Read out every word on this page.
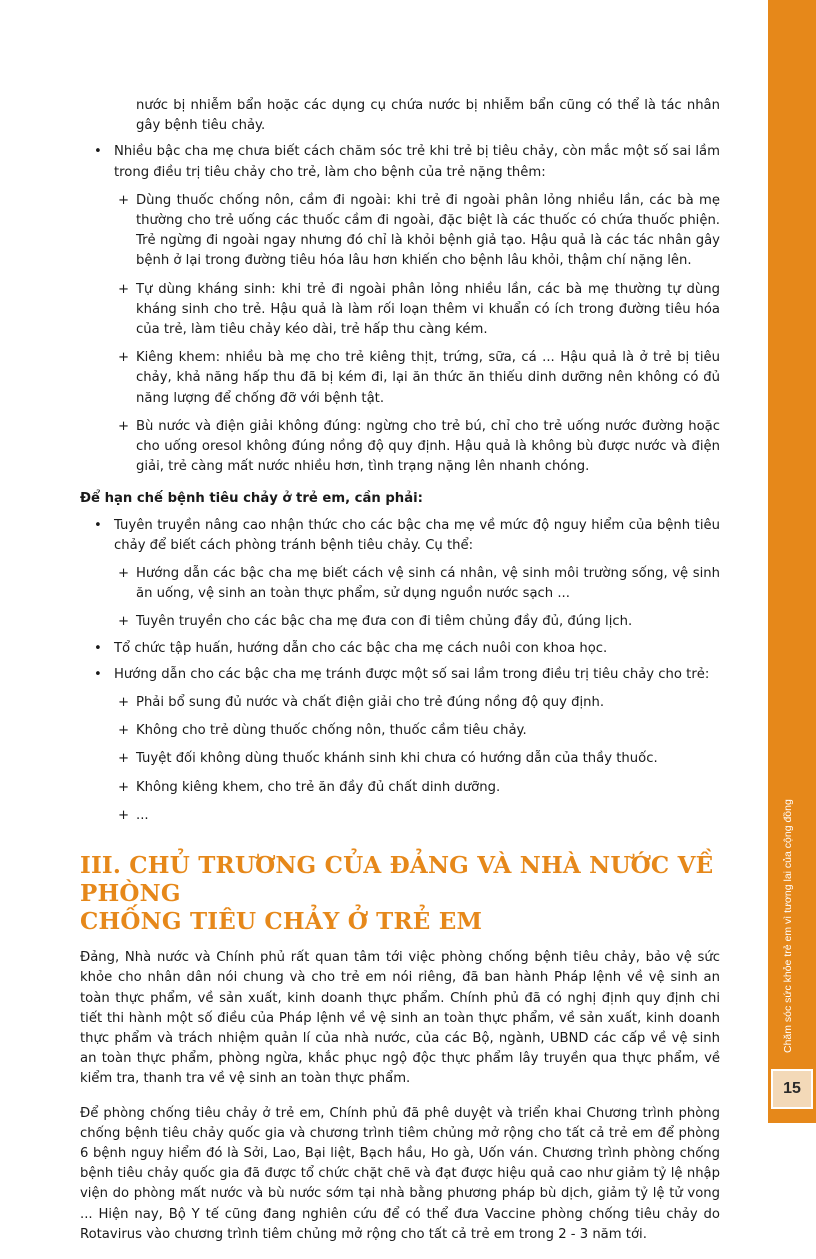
nước bị nhiễm bẩn hoặc các dụng cụ chứa nước bị nhiễm bẩn cũng có thể là tác nhân gây bệnh tiêu chảy.

• Nhiều bậc cha mẹ chưa biết cách chăm sóc trẻ khi trẻ bị tiêu chảy, còn mắc một số sai lầm trong điều trị tiêu chảy cho trẻ, làm cho bệnh của trẻ nặng thêm:

+ Dùng thuốc chống nôn, cầm đi ngoài: khi trẻ đi ngoài phân lỏng nhiều lần, các bà mẹ thường cho trẻ uống các thuốc cầm đi ngoài, đặc biệt là các thuốc có chứa thuốc phiện. Trẻ ngừng đi ngoài ngay nhưng đó chỉ là khỏi bệnh giả tạo. Hậu quả là các tác nhân gây bệnh ở lại trong đường tiêu hóa lâu hơn khiến cho bệnh lâu khỏi, thậm chí nặng lên.

+ Tự dùng kháng sinh: khi trẻ đi ngoài phân lỏng nhiều lần, các bà mẹ thường tự dùng kháng sinh cho trẻ. Hậu quả là làm rối loạn thêm vi khuẩn có ích trong đường tiêu hóa của trẻ, làm tiêu chảy kéo dài, trẻ hấp thu càng kém.

+ Kiêng khem: nhiều bà mẹ cho trẻ kiêng thịt, trứng, sữa, cá ... Hậu quả là ở trẻ bị tiêu chảy, khả năng hấp thu đã bị kém đi, lại ăn thức ăn thiếu dinh dưỡng nên không có đủ năng lượng để chống đỡ với bệnh tật.

+ Bù nước và điện giải không đúng: ngừng cho trẻ bú, chỉ cho trẻ uống nước đường hoặc cho uống oresol không đúng nồng độ quy định. Hậu quả là không bù được nước và điện giải, trẻ càng mất nước nhiều hơn, tình trạng nặng lên nhanh chóng.

Để hạn chế bệnh tiêu chảy ở trẻ em, cần phải:

• Tuyên truyền nâng cao nhận thức cho các bậc cha mẹ về mức độ nguy hiểm của bệnh tiêu chảy để biết cách phòng tránh bệnh tiêu chảy. Cụ thể:

+ Hướng dẫn các bậc cha mẹ biết cách vệ sinh cá nhân, vệ sinh môi trường sống, vệ sinh ăn uống, vệ sinh an toàn thực phẩm, sử dụng nguồn nước sạch ...

+ Tuyên truyền cho các bậc cha mẹ đưa con đi tiêm chủng đầy đủ, đúng lịch.

• Tổ chức tập huấn, hướng dẫn cho các bậc cha mẹ cách nuôi con khoa học.

• Hướng dẫn cho các bậc cha mẹ tránh được một số sai lầm trong điều trị tiêu chảy cho trẻ:

+ Phải bổ sung đủ nước và chất điện giải cho trẻ đúng nồng độ quy định.

+ Không cho trẻ dùng thuốc chống nôn, thuốc cầm tiêu chảy.

+ Tuyệt đối không dùng thuốc khánh sinh khi chưa có hướng dẫn của thầy thuốc.

+ Không kiêng khem, cho trẻ ăn đầy đủ chất dinh dưỡng.

+ ...

III. CHỦ TRƯƠNG CỦA ĐẢNG VÀ NHÀ NƯỚC VỀ PHÒNG
CHỐNG TIÊU CHẢY Ở TRẺ EM

Đảng, Nhà nước và Chính phủ rất quan tâm tới việc phòng chống bệnh tiêu chảy, bảo vệ sức khỏe cho nhân dân nói chung và cho trẻ em nói riêng, đã ban hành Pháp lệnh về vệ sinh an toàn thực phẩm, về sản xuất, kinh doanh thực phẩm. Chính phủ đã có nghị định quy định chi tiết thi hành một số điều của Pháp lệnh về vệ sinh an toàn thực phẩm, về sản xuất, kinh doanh thực phẩm và trách nhiệm quản lí của nhà nước, của các Bộ, ngành, UBND các cấp về vệ sinh an toàn thực phẩm, phòng ngừa, khắc phục ngộ độc thực phẩm lây truyền qua thực phẩm, về kiểm tra, thanh tra về vệ sinh an toàn thực phẩm.

Để phòng chống tiêu chảy ở trẻ em, Chính phủ đã phê duyệt và triển khai Chương trình phòng chống bệnh tiêu chảy quốc gia và chương trình tiêm chủng mở rộng cho tất cả trẻ em để phòng 6 bệnh nguy hiểm đó là Sởi, Lao, Bại liệt, Bạch hầu, Ho gà, Uốn ván. Chương trình phòng chống bệnh tiêu chảy quốc gia đã được tổ chức chặt chẽ và đạt được hiệu quả cao như giảm tỷ lệ nhập viện do phòng mất nước và bù nước sớm tại nhà bằng phương pháp bù dịch, giảm tỷ lệ tử vong ... Hiện nay, Bộ Y tế cũng đang nghiên cứu để có thể đưa Vaccine phòng chống tiêu chảy do Rotavirus vào chương trình tiêm chủng mở rộng cho tất cả trẻ em trong 2 - 3 năm tới.

Chăm sóc sức khỏe trẻ em vì tương lai của cộng đồng
15
